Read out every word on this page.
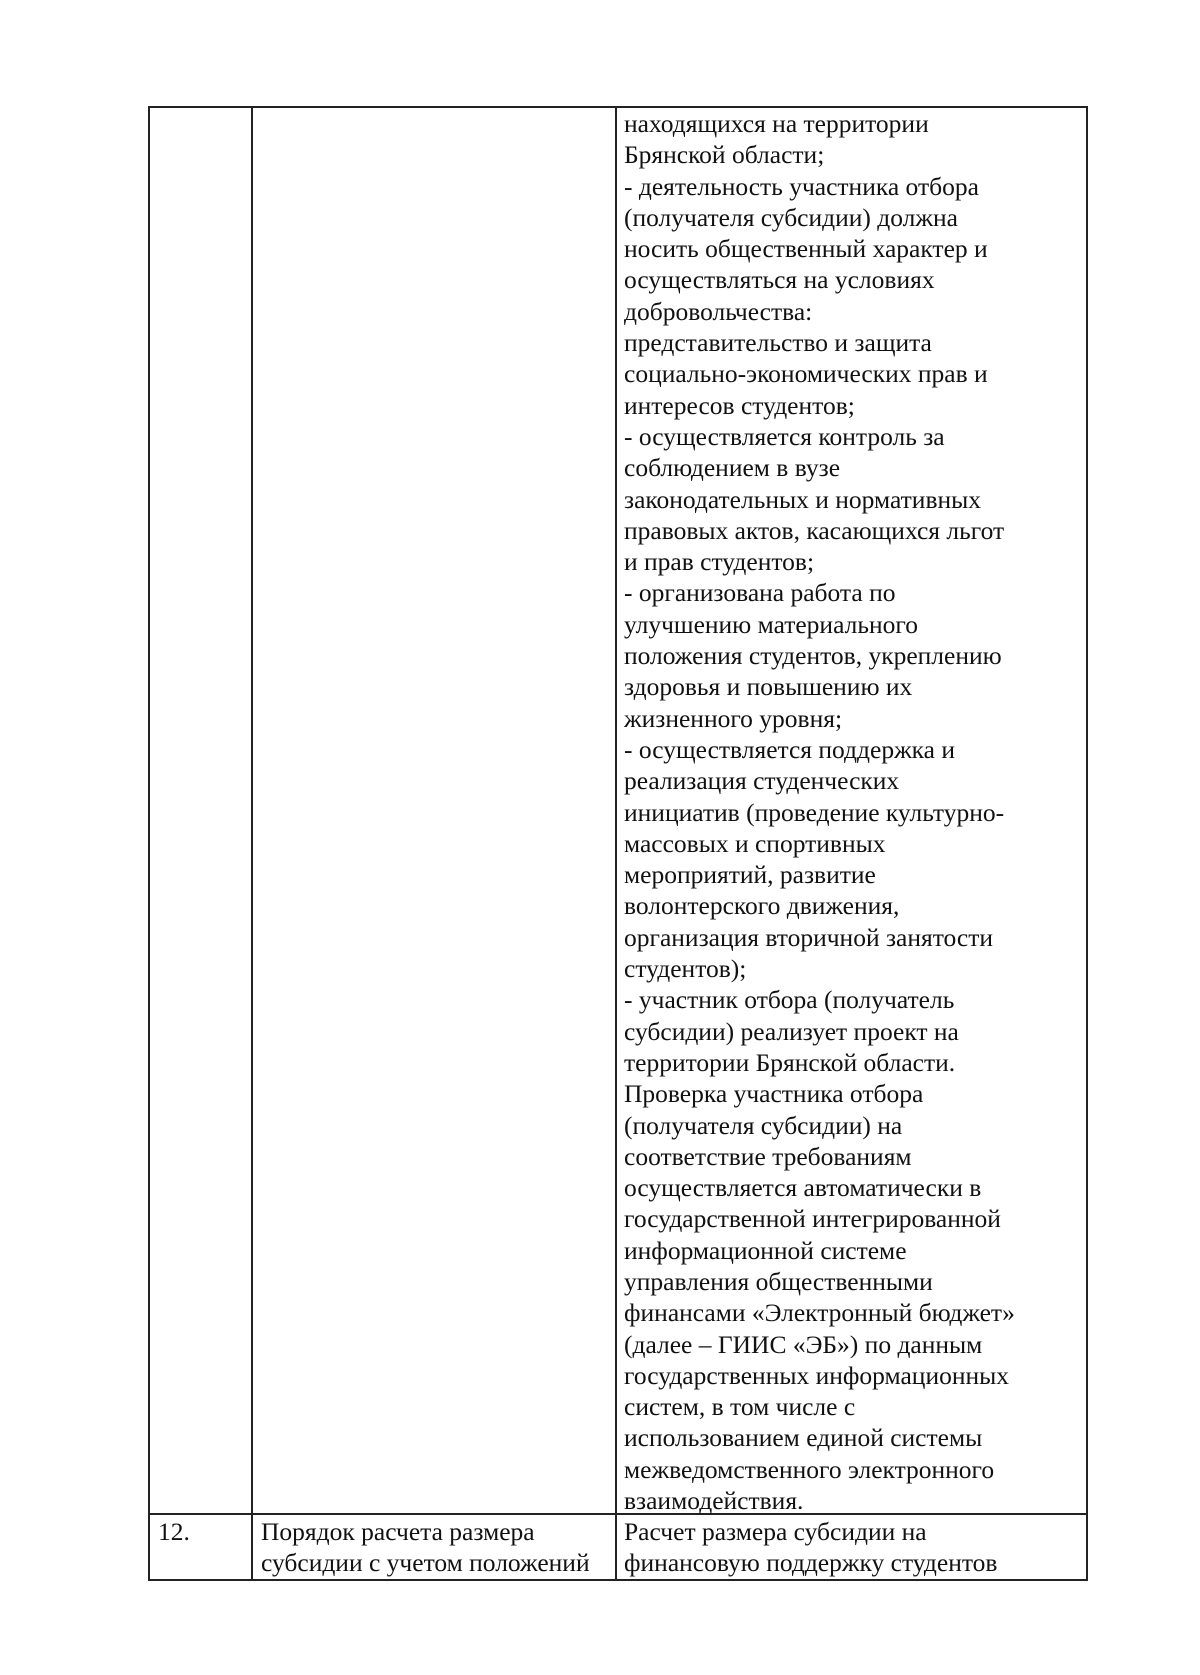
находящихся на территории
Брянской области;
- деятельность участника отбора
(получателя субсидии) должна
носить общественный характер и
осуществляться на условиях
добровольчества:
представительство и защита
социально-экономических прав и
интересов студентов;
- осуществляется контроль за
соблюдением в вузе
законодательных и нормативных
правовых актов, касающихся льгот
и прав студентов;
- организована работа по
улучшению материального
положения студентов, укреплению
здоровья и повышению их
жизненного уровня;
- осуществляется поддержка и
реализация студенческих
инициатив (проведение культурно-
массовых и спортивных
мероприятий, развитие
волонтерского движения,
организация вторичной занятости
студентов);
- участник отбора (получатель
субсидии) реализует проект на
территории Брянской области.
Проверка участника отбора
(получателя субсидии) на
соответствие требованиям
осуществляется автоматически в
государственной интегрированной
информационной системе
управления общественными
финансами «Электронный бюджет»
(далее – ГИИС «ЭБ») по данным
государственных информационных
систем, в том числе с
использованием единой системы
межведомственного электронного
взаимодействия.
12.	Порядок расчета размера
субсидии с учетом положений
Расчет размера субсидии на
финансовую поддержку студентов
